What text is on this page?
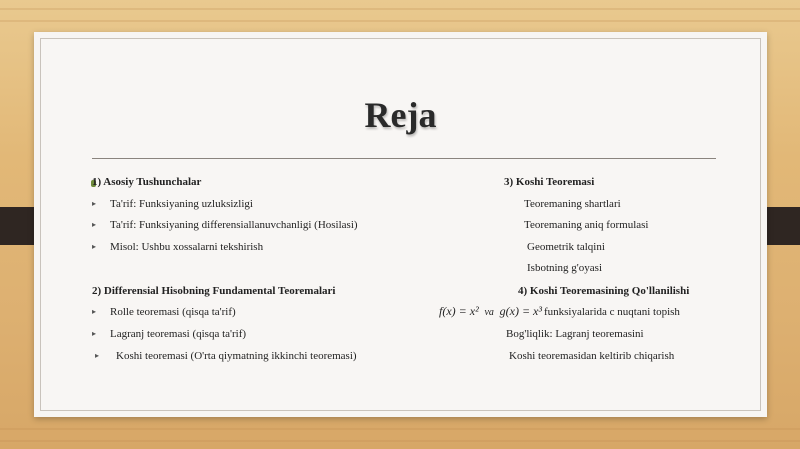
Reja
1) Asosiy Tushunchalar
▸ Ta'rif: Funksiyaning uzluksizligi
▸ Ta'rif: Funksiyaning differensiallanuvchanligi (Hosilasi)
▸ Misol: Ushbu xossalarni tekshirish
2) Differensial Hisobning Fundamental Teoremalari
▸ Rolle teoremasi (qisqa ta'rif)
▸ Lagranj teoremasi (qisqa ta'rif)
▸ Koshi teoremasi (O'rta qiymatning ikkinchi teoremasi)
3) Koshi Teoremasi
Teoremaning shartlari
Teoremaning aniq formulasi
Geometrik talqini
Isbotning g'oyasi
4) Koshi Teoremasining Qo'llanilishi
f(x) = x² va g(x) = x³ funksiyalarida c nuqtani topish
Bog'liqlik: Lagranj teoremasini
Koshi teoremasidan keltirib chiqarish
